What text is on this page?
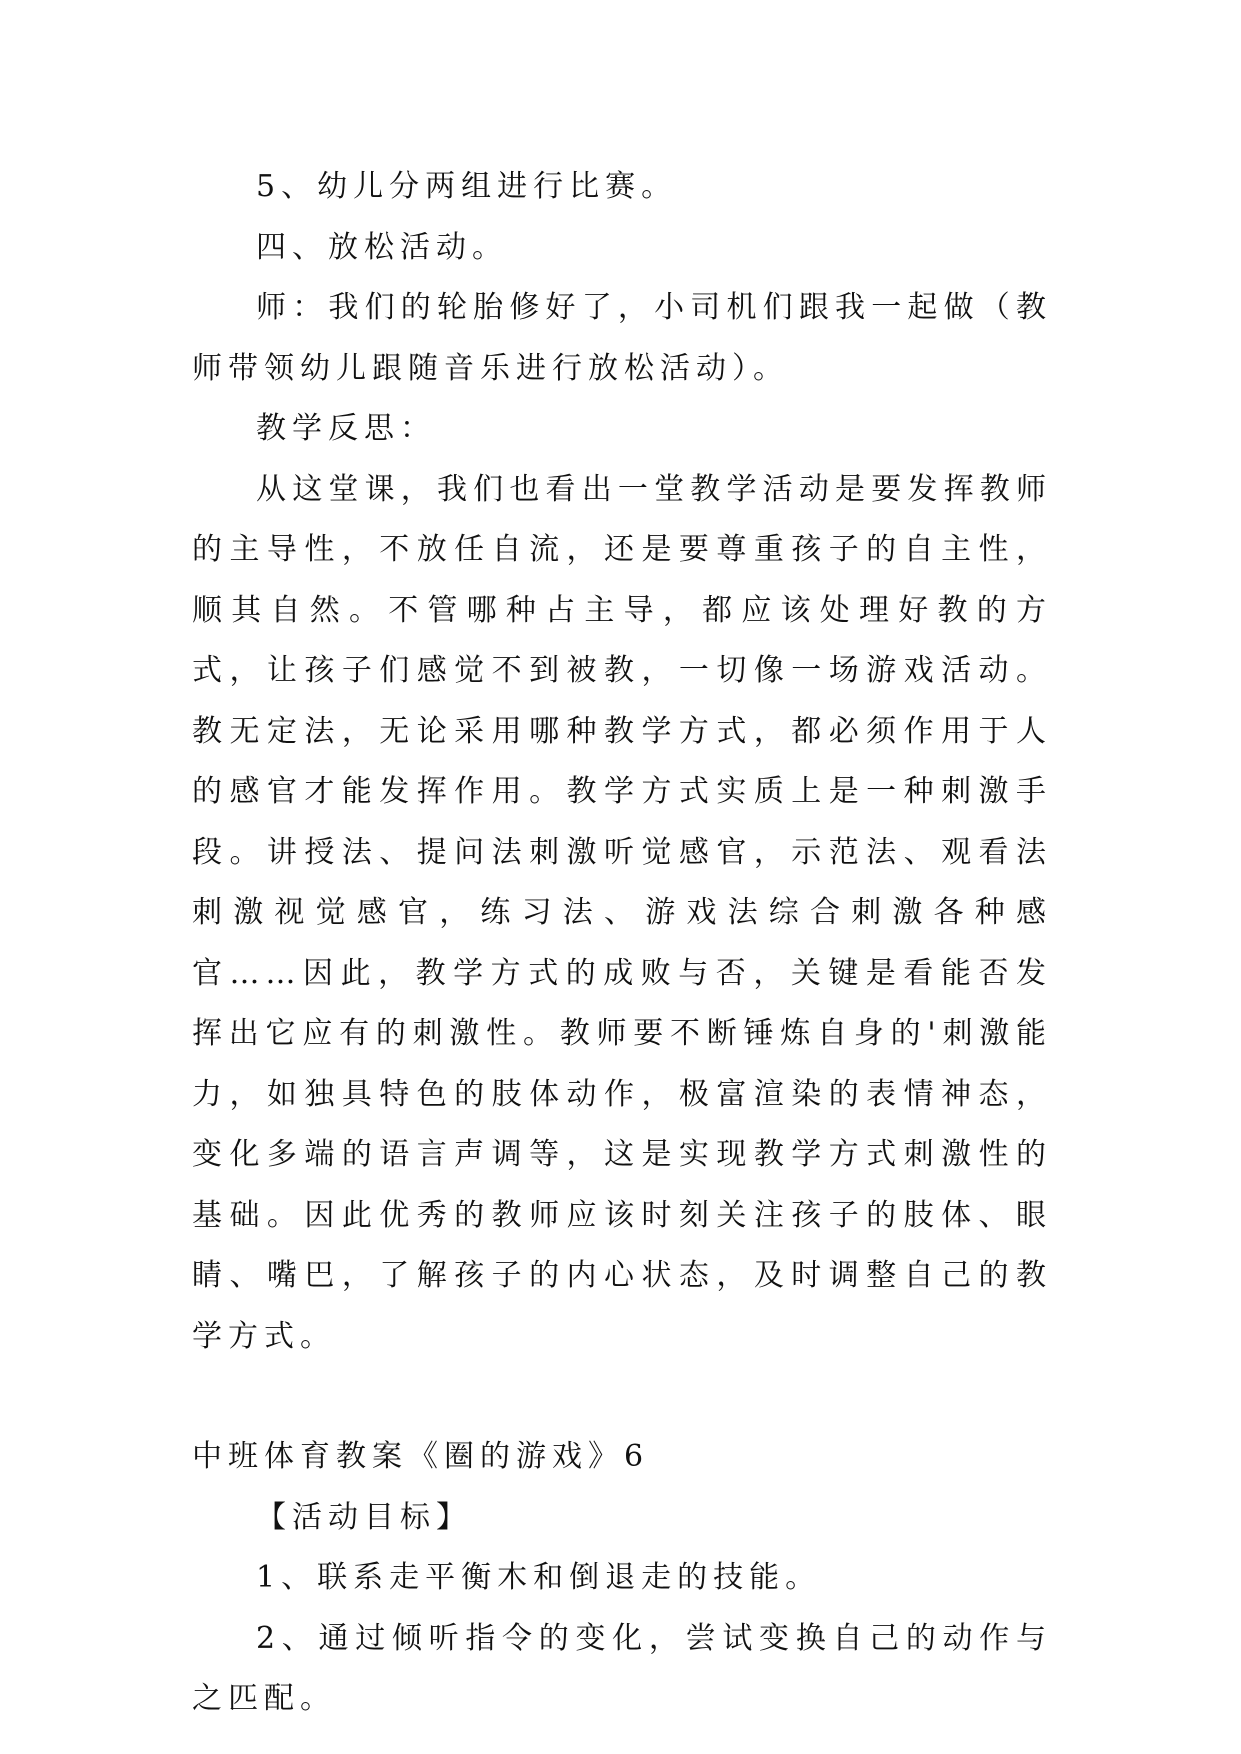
5、幼儿分两组进行比赛。

四、放松活动。

师：我们的轮胎修好了，小司机们跟我一起做（教师带领幼儿跟随音乐进行放松活动）。

教学反思：

从这堂课，我们也看出一堂教学活动是要发挥教师的主导性，不放任自流，还是要尊重孩子的自主性，顺其自然。不管哪种占主导，都应该处理好教的方式，让孩子们感觉不到被教，一切像一场游戏活动。教无定法，无论采用哪种教学方式，都必须作用于人的感官才能发挥作用。教学方式实质上是一种刺激手段。讲授法、提问法刺激听觉感官，示范法、观看法刺激视觉感官，练习法、游戏法综合刺激各种感官……因此，教学方式的成败与否，关键是看能否发挥出它应有的刺激性。教师要不断锤炼自身的'刺激能力，如独具特色的肢体动作，极富渲染的表情神态，变化多端的语言声调等，这是实现教学方式刺激性的基础。因此优秀的教师应该时刻关注孩子的肢体、眼睛、嘴巴，了解孩子的内心状态，及时调整自己的教学方式。

中班体育教案《圈的游戏》6

【活动目标】

1、联系走平衡木和倒退走的技能。

2、通过倾听指令的变化，尝试变换自己的动作与之匹配。
